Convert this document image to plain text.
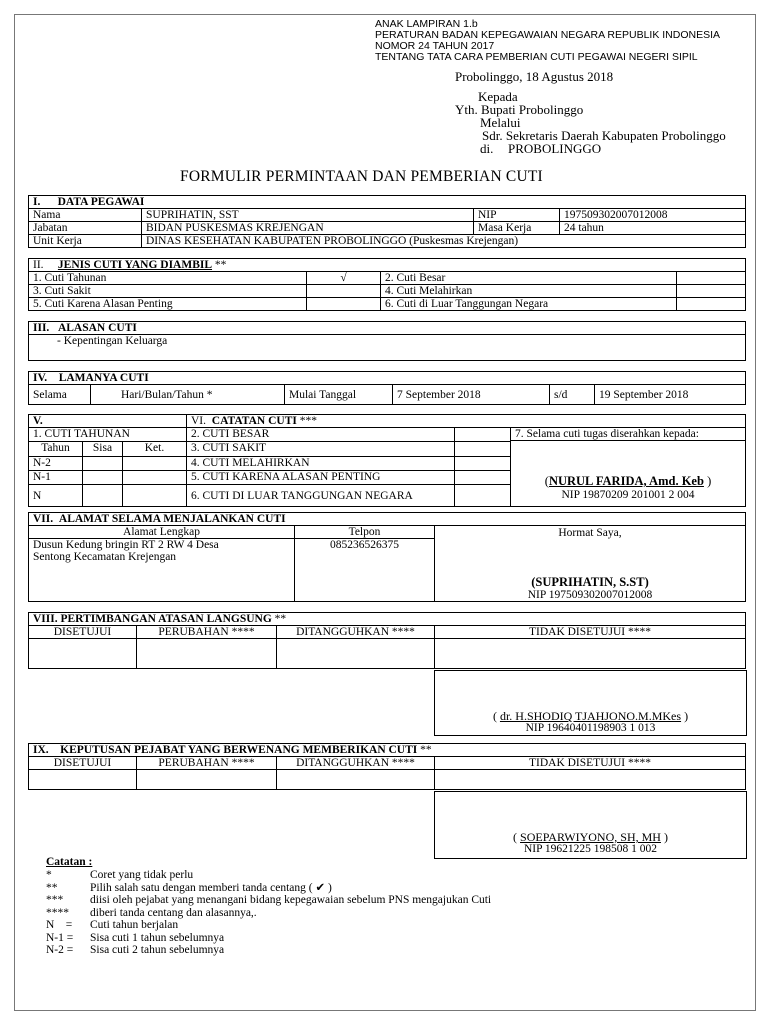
ANAK LAMPIRAN 1.b
PERATURAN BADAN KEPEGAWAIAN NEGARA REPUBLIK INDONESIA
NOMOR 24 TAHUN 2017
TENTANG TATA CARA PEMBERIAN CUTI PEGAWAI NEGERI SIPIL
Probolinggo, 18 Agustus 2018
Kepada
Yth. Bupati Probolinggo
Melalui
Sdr. Sekretaris Daerah Kabupaten Probolinggo
di. PROBOLINGGO
FORMULIR PERMINTAAN DAN PEMBERIAN CUTI
I. DATA PEGAWAI			
Nama	SUPRIHATIN, SST	NIP	197509302007012008
Jabatan	BIDAN PUSKESMAS KREJENGAN	Masa Kerja	24 tahun
Unit Kerja	DINAS KESEHATAN KABUPATEN PROBOLINGGO (Puskesmas Krejengan)		
II. JENIS CUTI YANG DIAMBIL **			
1. Cuti Tahunan	√	2. Cuti Besar	
3. Cuti Sakit		4. Cuti Melahirkan	
5. Cuti Karena Alasan Penting		6. Cuti di Luar Tanggungan Negara	
III. ALASAN CUTI
- Kepentingan Keluarga
IV. LAMANYA CUTI
Selama	Hari/Bulan/Tahun *	Mulai Tanggal	7 September 2018	s/d	19 September 2018
V.			VI. CATATAN CUTI ***		
1. CUTI TAHUNAN			2. CUTI BESAR		7. Selama cuti tugas diserahkan kepada:
(NURUL FARIDA, Amd. Keb )
NIP 19870209 201001 2 004

Tahun	Sisa	Ket.	3. CUTI SAKIT		
N-2			4. CUTI MELAHIRKAN		
N-1			5. CUTI KARENA ALASAN PENTING		
N			6. CUTI DI LUAR TANGGUNGAN NEGARA		
VII. ALAMAT SELAMA MENJALANKAN CUTI		
Alamat Lengkap	Telpon	Hormat Saya,
(SUPRIHATIN, S.ST)
NIP 197509302007012008

Dusun Kedung bringin RT 2 RW 4 Desa
Sentong Kecamatan Krejengan	085236526375	
VIII. PERTIMBANGAN ATASAN LANGSUNG **			
DISETUJUI	PERUBAHAN ****	DITANGGUHKAN ****	TIDAK DISETUJUI ****

( dr. H.SHODIQ TJAHJONO.M.MKes )
NIP 19640401198903 1 013
IX. KEPUTUSAN PEJABAT YANG BERWENANG MEMBERIKAN CUTI **			
DISETUJUI	PERUBAHAN ****	DITANGGUHKAN ****	TIDAK DISETUJUI ****

( SOEPARWIYONO, SH, MH )
NIP 19621225 198508 1 002
Catatan :
*	Coret yang tidak perlu
**	Pilih salah satu dengan memberi tanda centang ( ✔ )
*** diisi oleh pejabat yang menangani bidang kepegawaian sebelum PNS mengajukan Cuti
**** diberi tanda centang dan alasannya,.
N    = Cuti tahun berjalan
N-1 = Sisa cuti 1 tahun sebelumnya
N-2 = Sisa cuti 2 tahun sebelumnya
